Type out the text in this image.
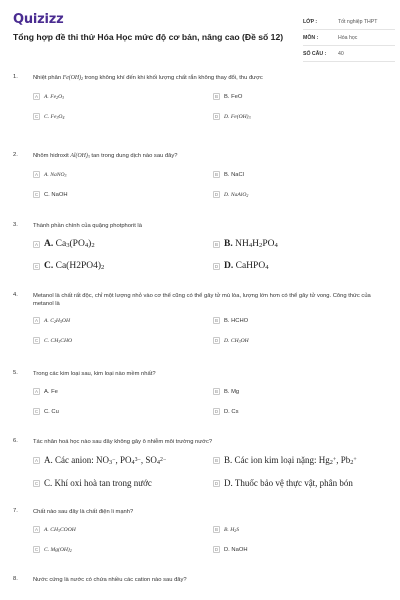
Quizizz
Tổng hợp đề thi thử Hóa Học mức độ cơ bản, nâng cao (Đề số 12)
LỚP :	Tốt nghiệp THPT
MÔN :	Hóa học
SỐ CÂU :	40
1.	Nhiệt phân $Fe(OH)_2$ trong không khí đến khi khối lượng chất rắn không thay đổi, thu được
A	A. $Fe_2O_3$	B	B. FeO
C	C. $Fe_3O_4$	D	D. $Fe(OH)_3$
2.	Nhôm hidroxit $Al(OH)_3$ tan trong dung dịch nào sau đây?
A	A. NaNO$_3$	B	B. NaCl
C	C. NaOH	D	D. NaAlO$_2$
3.	Thành phần chính của quặng photphorit là
A A. $Ca_3(PO_4)_2$	B B. $NH_4H_2PO_4$
C C. $Ca(H2PO4)_2$	D D. CaHPO$_4$
4.	Metanol là chất rất độc, chỉ một lượng nhỏ vào cơ thể cũng có thể gây tử mù lòa, lượng lớn hơn có thể gây tử vong. Công thức của metanol là
A	A. $C_2H_5OH$	B	B. HCHO
C	C. $CH_3CHO$	D	D. $CH_3OH$
5.	Trong các kim loại sau, kim loại nào mềm nhất?
A	A. Fe	B	B. Mg
C	C. Cu	D	D. Cs
6.	Tác nhân hoá học nào sau đây không gây ô nhiễm môi trường nước?
A A. Các anion: $NO_3^-$, $PO_4^{3-}$, $SO_4^{2-}$	B B. Các ion kim loại nặng: $Hg_2^+$, $Pb_2^+$
C C. Khí oxi hoà tan trong nước	D D. Thuốc bảo vệ thực vật, phân bón
7.	Chất nào sau đây là chất điện li mạnh?
A	A. $CH_3COOH$	B	B. $H_2S$
C	C. $Mg(OH)_2$	D	D. NaOH
8.	Nước cứng là nước có chứa nhiều các cation nào sau đây?
